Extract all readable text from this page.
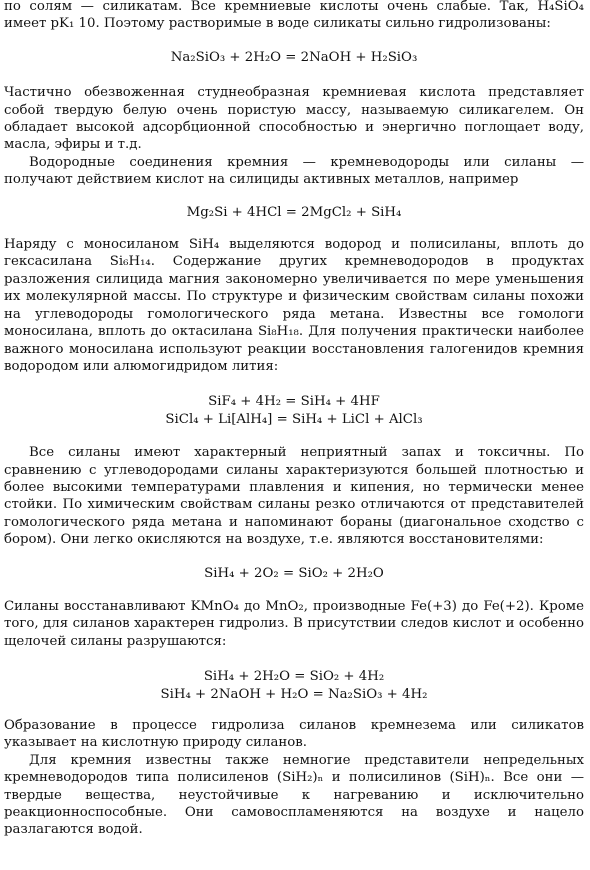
по солям — силикатам. Все кремниевые кислоты очень слабые. Так, H₄SiO₄ имеет pK₁ 10. Поэтому растворимые в воде силикаты сильно гидролизованы:

Na₂SiO₃ + 2H₂O = 2NaOH + H₂SiO₃

Частично обезвоженная студнеобразная кремниевая кислота представляет собой твердую белую очень пористую массу, называемую силикагелем. Он обладает высокой адсорбционной способностью и энергично поглощает воду, масла, эфиры и т.д.

Водородные соединения кремния — кремневодороды или силаны — получают действием кислот на силициды активных металлов, например

Mg₂Si + 4HCl = 2MgCl₂ + SiH₄

Наряду с моносиланом SiH₄ выделяются водород и полисиланы, вплоть до гексасилана Si₆H₁₄. Содержание других кремневодородов в продуктах разложения силицида магния закономерно увеличивается по мере уменьшения их молекулярной массы. По структуре и физическим свойствам силаны похожи на углеводороды гомологического ряда метана. Известны все гомологи моносилана, вплоть до октасилана Si₈H₁₈. Для получения практически наиболее важного моносилана используют реакции восстановления галогенидов кремния водородом или алюмогидридом лития:

SiF₄ + 4H₂ = SiH₄ + 4HF

SiCl₄ + Li[AlH₄] = SiH₄ + LiCl + AlCl₃

Все силаны имеют характерный неприятный запах и токсичны. По сравнению с углеводородами силаны характеризуются большей плотностью и более высокими температурами плавления и кипения, но термически менее стойки. По химическим свойствам силаны резко отличаются от представителей гомологического ряда метана и напоминают бораны (диагональное сходство с бором). Они легко окисляются на воздухе, т.е. являются восстановителями:

SiH₄ + 2O₂ = SiO₂ + 2H₂O

Силаны восстанавливают KMnO₄ до MnO₂, производные Fe(+3) до Fe(+2). Кроме того, для силанов характерен гидролиз. В присутствии следов кислот и особенно щелочей силаны разрушаются:

SiH₄ + 2H₂O = SiO₂ + 4H₂

SiH₄ + 2NaOH + H₂O = Na₂SiO₃ + 4H₂

Образование в процессе гидролиза силанов кремнезема или силикатов указывает на кислотную природу силанов.

Для кремния известны также немногие представители непредельных кремневодородов типа полисиленов (SiH₂)ₙ и полисилинов (SiH)ₙ. Все они — твердые вещества, неустойчивые к нагреванию и исключительно реакционноспособные. Они самовоспламеняются на воздухе и нацело разлагаются водой.
